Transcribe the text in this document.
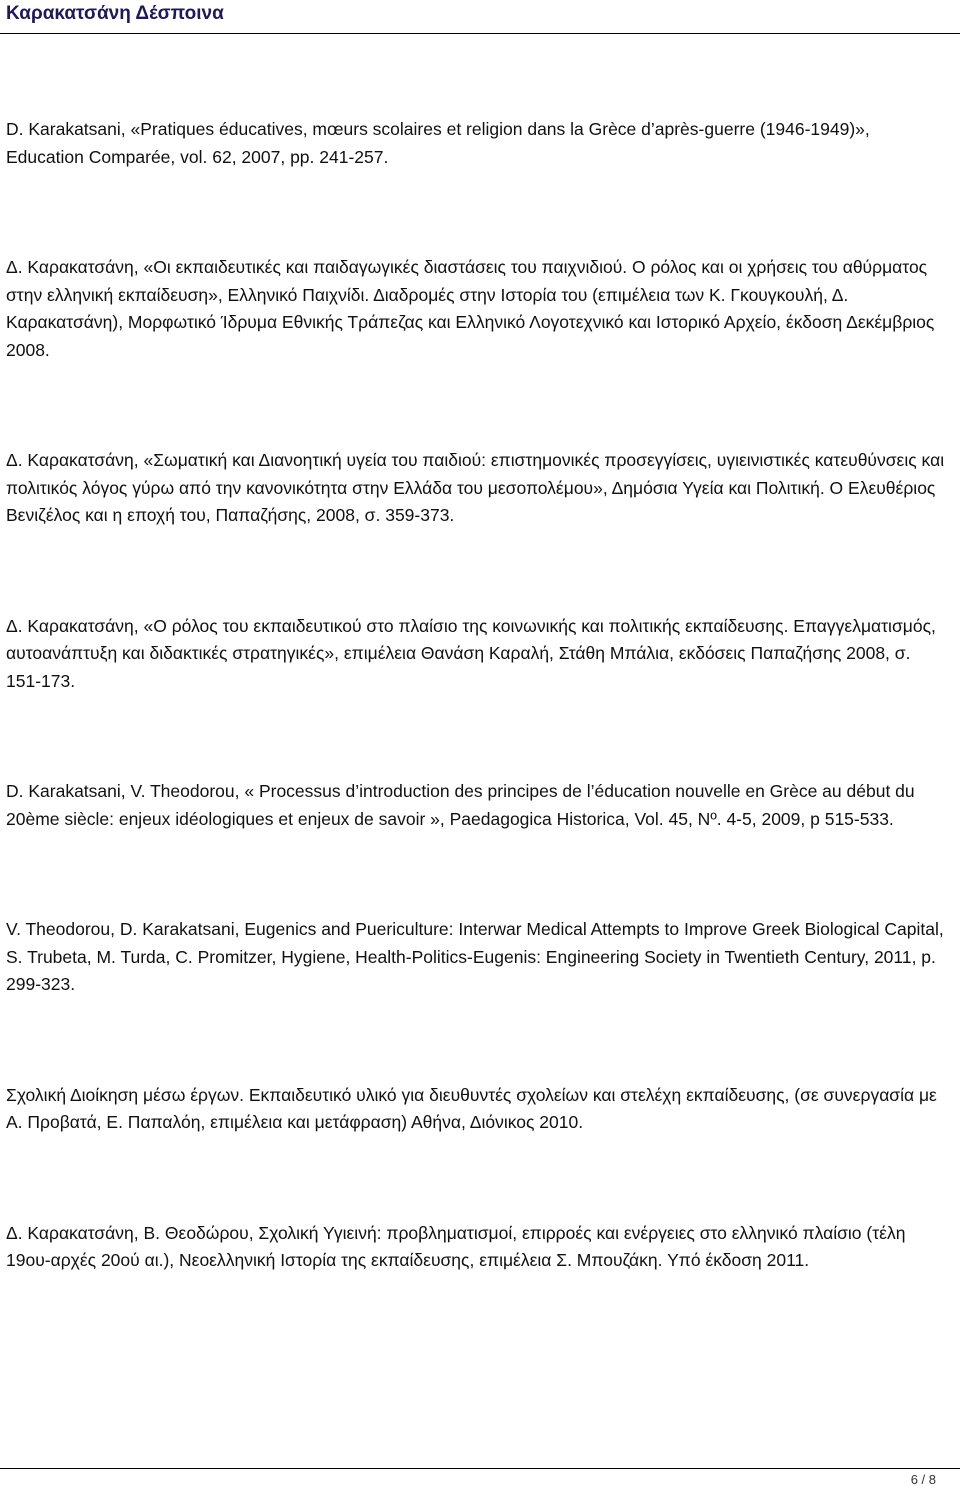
Καρακατσάνη Δέσποινα

D. Karakatsani, «Pratiques éducatives, mœurs scolaires et religion dans la Grèce d’après-guerre (1946-1949)», Education Comparée, vol. 62, 2007, pp. 241-257.

Δ. Καρακατσάνη, «Οι εκπαιδευτικές και παιδαγωγικές διαστάσεις του παιχνιδιού. Ο ρόλος και οι χρήσεις του αθύρματος στην ελληνική εκπαίδευση», Ελληνικό Παιχνίδι. Διαδρομές στην Ιστορία του (επιμέλεια των Κ. Γκουγκουλή, Δ. Καρακατσάνη), Μορφωτικό Ίδρυμα Εθνικής Τράπεζας και Ελληνικό Λογοτεχνικό και Ιστορικό Αρχείο, έκδοση Δεκέμβριος 2008.

Δ. Καρακατσάνη, «Σωματική και Διανοητική υγεία του παιδιού: επιστημονικές προσεγγίσεις, υγιεινιστικές κατευθύνσεις και πολιτικός λόγος γύρω από την κανονικότητα στην Ελλάδα του μεσοπολέμου», Δημόσια Υγεία και Πολιτική. Ο Ελευθέριος Βενιζέλος και η εποχή του, Παπαζήσης, 2008, σ. 359-373.

Δ. Καρακατσάνη, «Ο ρόλος του εκπαιδευτικού στο πλαίσιο της κοινωνικής και πολιτικής εκπαίδευσης. Επαγγελματισμός, αυτοανάπτυξη και διδακτικές στρατηγικές», επιμέλεια Θανάση Καραλή, Στάθη Μπάλια, εκδόσεις Παπαζήσης 2008, σ. 151-173.

D. Karakatsani, V. Theodorou, « Processus d’introduction des principes de l’éducation nouvelle en Grèce au début du 20ème siècle: enjeux idéologiques et enjeux de savoir », Paedagogica Historica, Vol. 45, Nº. 4-5, 2009, p 515-533.

V. Theodorou, D. Karakatsani, Eugenics and Puericulture: Interwar Medical Attempts to Improve Greek Biological Capital, S. Trubeta, M. Turda, C. Promitzer, Hygiene, Health-Politics-Eugenis: Engineering Society in Twentieth Century, 2011, p. 299-323.

Σχολική Διοίκηση μέσω έργων. Εκπαιδευτικό υλικό για διευθυντές σχολείων και στελέχη εκπαίδευσης, (σε συνεργασία με Α. Προβατά, Ε. Παπαλόη, επιμέλεια και μετάφραση) Αθήνα, Διόνικος 2010.

Δ. Καρακατσάνη, Β. Θεοδώρου, Σχολική Υγιεινή: προβληματισμοί, επιρροές και ενέργειες στο ελληνικό πλαίσιο (τέλη 19ου-αρχές 20ού αι.), Νεοελληνική Ιστορία της εκπαίδευσης, επιμέλεια Σ. Μπουζάκη. Υπό έκδοση 2011.

6 / 8
